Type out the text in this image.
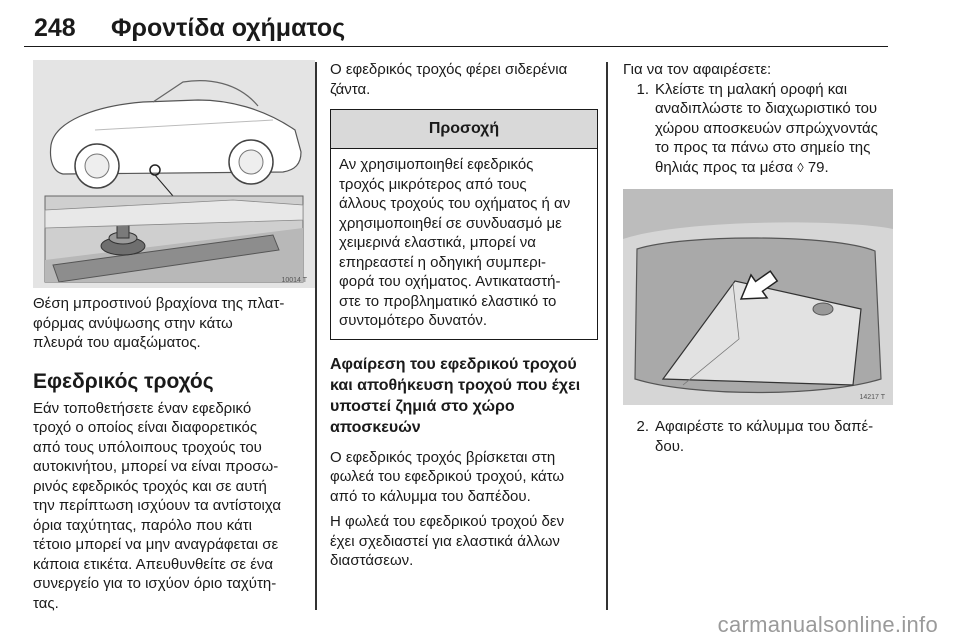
248 Φροντίδα οχήματος
10014 T

Θέση μπροστινού βραχίονα της πλατ-
φόρμας ανύψωσης στην κάτω
πλευρά του αμαξώματος.

Εφεδρικός τροχός

Εάν τοποθετήσετε έναν εφεδρικό
τροχό ο οποίος είναι διαφορετικός
από τους υπόλοιπους τροχούς του
αυτοκινήτου, μπορεί να είναι προσω-
ρινός εφεδρικός τροχός και σε αυτή
την περίπτωση ισχύουν τα αντίστοιχα
όρια ταχύτητας, παρόλο που κάτι
τέτοιο μπορεί να μην αναγράφεται σε
κάποια ετικέτα. Απευθυνθείτε σε ένα
συνεργείο για το ισχύον όριο ταχύτη-
τας.

Ο εφεδρικός τροχός φέρει σιδερένια
ζάντα.

Προσοχή

Αν χρησιμοποιηθεί εφεδρικός
τροχός μικρότερος από τους
άλλους τροχούς του οχήματος ή αν
χρησιμοποιηθεί σε συνδυασμό με
χειμερινά ελαστικά, μπορεί να
επηρεαστεί η οδηγική συμπερι-
φορά του οχήματος. Αντικαταστή-
στε το προβληματικό ελαστικό το
συντομότερο δυνατόν.

Αφαίρεση του εφεδρικού τροχού
και αποθήκευση τροχού που έχει
υποστεί ζημιά στο χώρο
αποσκευών

Ο εφεδρικός τροχός βρίσκεται στη
φωλεά του εφεδρικού τροχού, κάτω
από το κάλυμμα του δαπέδου.

Η φωλεά του εφεδρικού τροχού δεν
έχει σχεδιαστεί για ελαστικά άλλων
διαστάσεων.

Για να τον αφαιρέσετε:

1. Κλείστε τη μαλακή οροφή και
αναδιπλώστε το διαχωριστικό του
χώρου αποσκευών σπρώχνοντάς
το προς τα πάνω στο σημείο της
θηλιάς προς τα μέσα ◊ 79.
14217 T
2. Αφαιρέστε το κάλυμμα του δαπέ-
δου.
carmanualsonline.info
